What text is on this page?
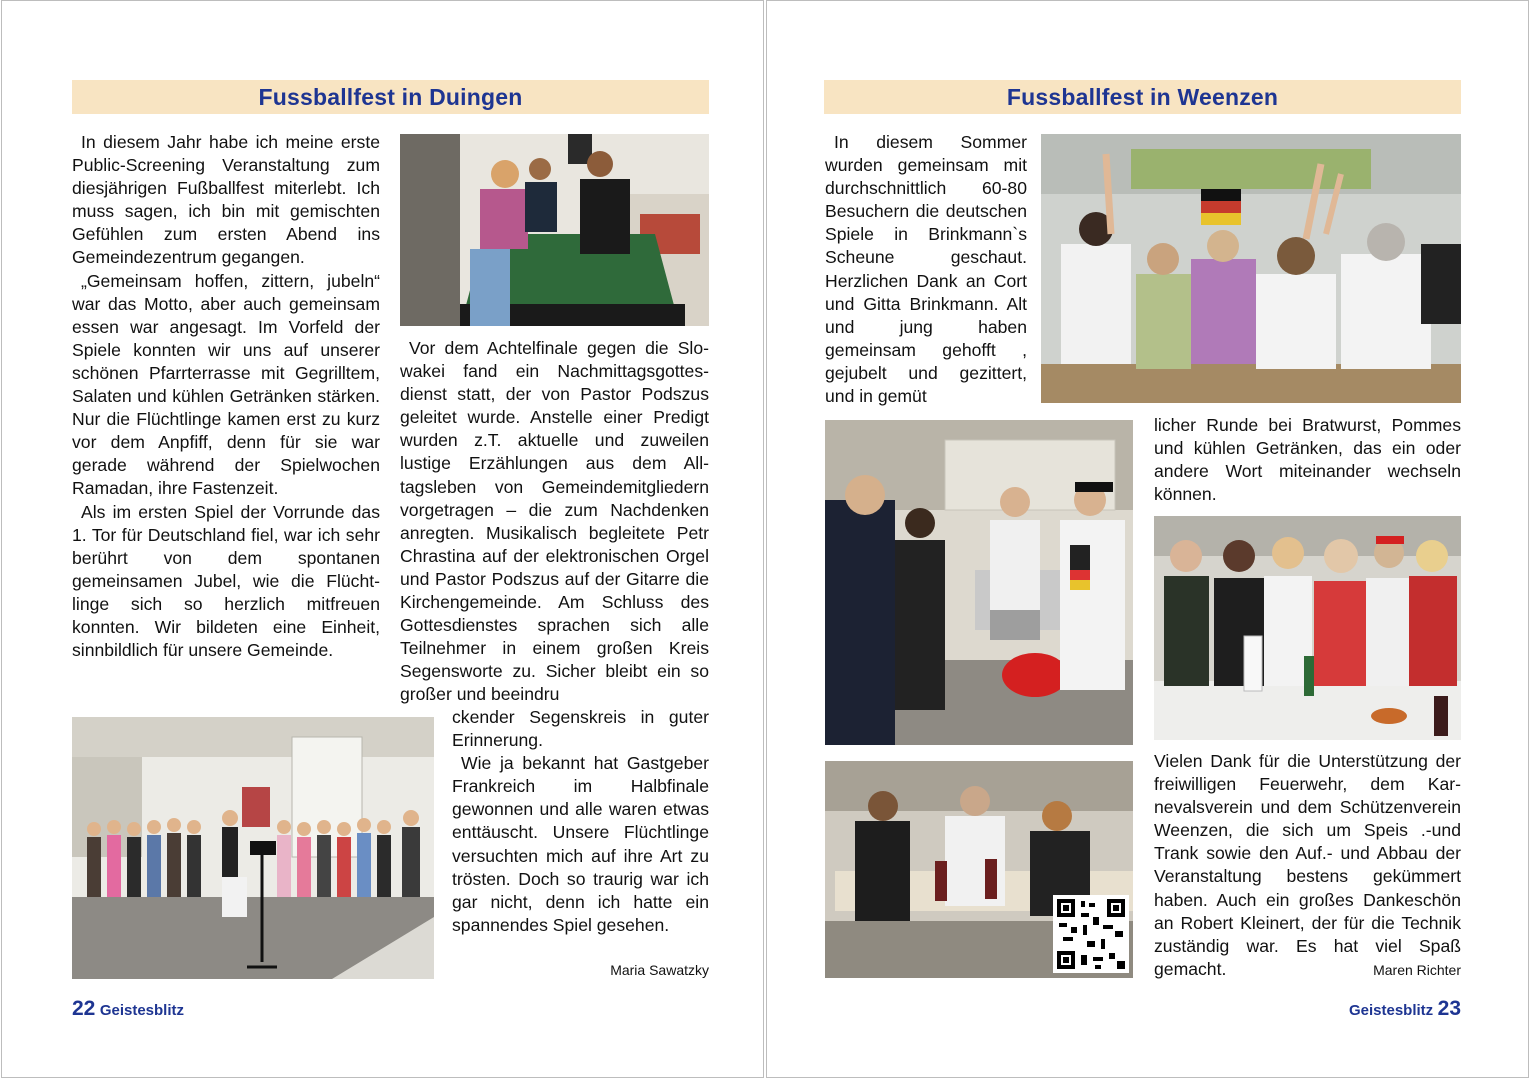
Fussballfest in Duingen

In diesem Jahr habe ich meine erste Public-Screening Veranstaltung zum diesjährigen Fußballfest miterlebt. Ich muss sagen, ich bin mit gemischten Gefühlen zum ersten Abend ins Gemeindezentrum gegangen.

„Gemeinsam hoffen, zittern, jubeln“ war das Motto, aber auch gemeinsam essen war angesagt. Im Vorfeld der Spiele konnten wir uns auf unserer schönen Pfarrterrasse mit Gegrilltem, Salaten und kühlen Getränken stärken. Nur die Flüchtlinge kamen erst zu kurz vor dem Anpfiff, denn für sie war gerade während der Spielwochen Ramadan, ihre Fastenzeit.

Als im ersten Spiel der Vorrunde das 1. Tor für Deutschland fiel, war ich sehr berührt von dem spontanen gemeinsamen Jubel, wie die Flüchtlinge sich so herzlich mitfreuen konnten. Wir bildeten eine Einheit, sinnbildlich für unsere Gemeinde.

Vor dem Achtelfinale gegen die Slowakei fand ein Nachmittagsgottesdienst statt, der von Pastor Podszus geleitet wurde. Anstelle einer Predigt wurden z.T. aktuelle und zuweilen lustige Erzählungen aus dem Alltagsleben von Gemeindemitgliedern vorgetragen – die zum Nachdenken anregten. Musikalisch begleitete Petr Chrastina auf der elektronischen Orgel und Pastor Podszus auf der Gitarre die Kirchengemeinde. Am Schluss des Gottesdienstes sprachen sich alle Teilnehmer in einem großen Kreis Segensworte zu. Sicher bleibt ein so großer und beeindru

ckender Segenskreis in guter Erinnerung.

Wie ja bekannt hat Gastgeber Frankreich im Halbfinale gewonnen und alle waren etwas enttäuscht. Unsere Flüchtlinge versuchten mich auf ihre Art zu trösten. Doch so traurig war ich gar nicht, denn ich hatte ein spannendes Spiel gesehen.

Maria Sawatzky
22 Geistesblitz
Fussballfest in Weenzen

In diesem Sommer wurden gemeinsam mit durchschnittlich 60-80 Besuchern die deutschen Spiele in Brinkmann`s Scheune geschaut. Herzlichen Dank an Cort und Gitta Brinkmann. Alt und jung haben gemeinsam gehofft , gejubelt und gezittert, und in gemüt

licher Runde bei Bratwurst, Pommes und kühlen Getränken, das ein oder andere Wort miteinander wechseln können.

Vielen Dank für die Unterstützung der freiwilligen Feuerwehr, dem Karnevalsverein und dem Schützenverein Weenzen, die sich um Speis .-und Trank sowie den Auf.- und Abbau der Veranstaltung bestens gekümmert haben. Auch ein großes Dankeschön an Robert Kleinert, der für die Technik zuständig war. Es hat viel Spaß gemacht.	Maren Richter
Geistesblitz 23
